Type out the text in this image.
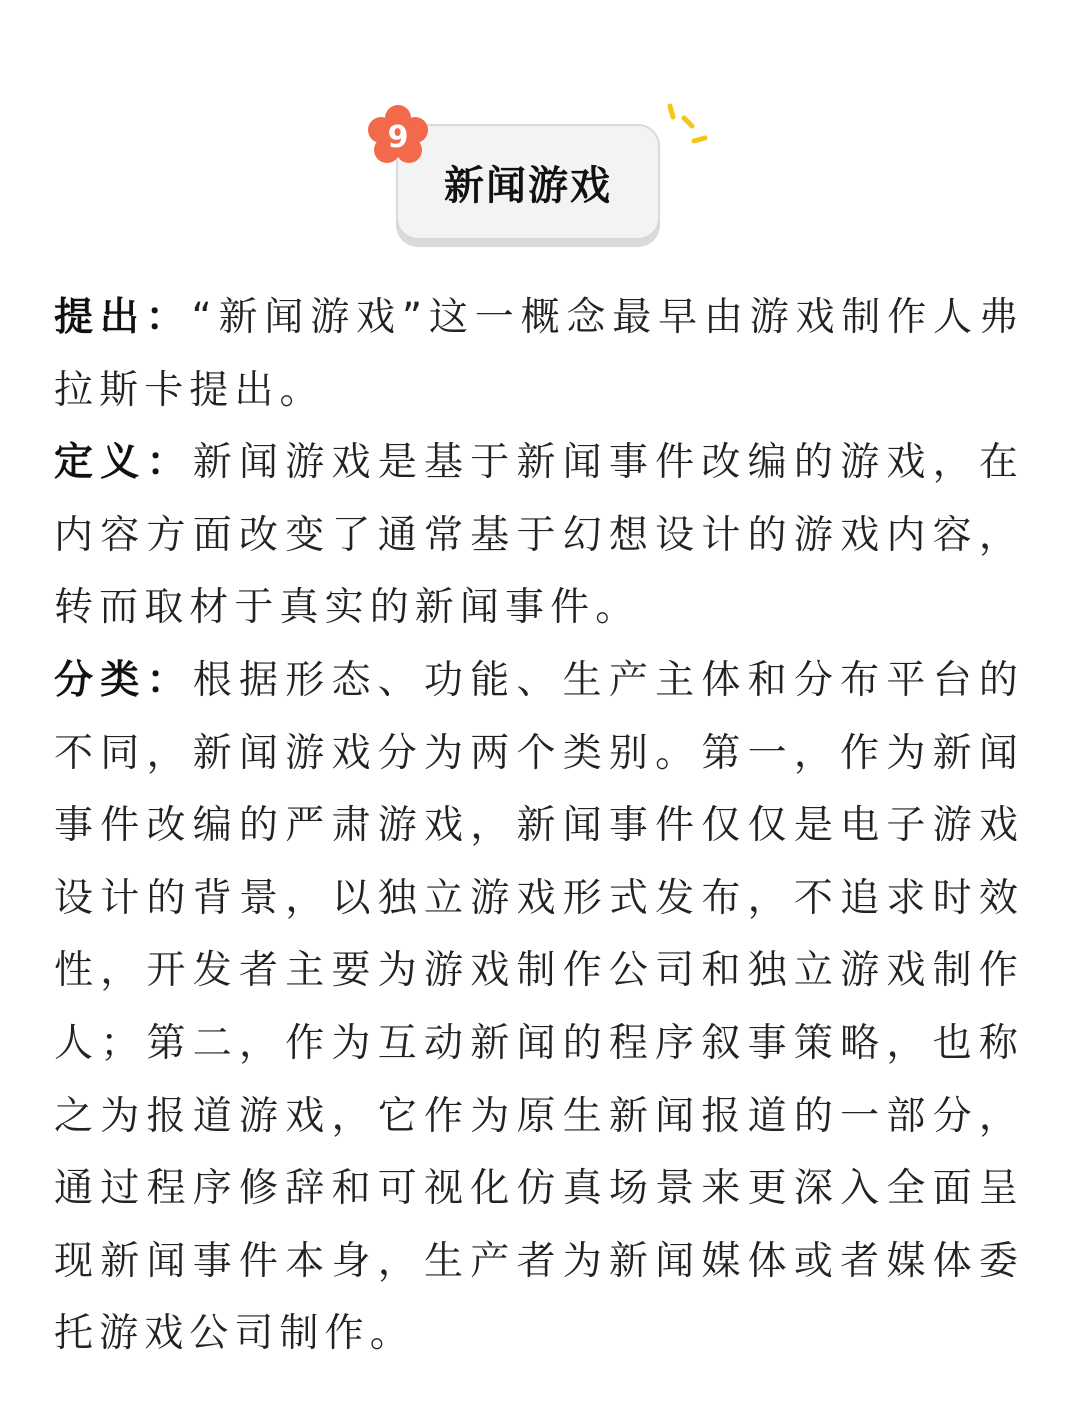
新闻游戏
9

提出：“新闻游戏”这一概念最早由游戏制作人弗拉斯卡提出。

定义：新闻游戏是基于新闻事件改编的游戏，在内容方面改变了通常基于幻想设计的游戏内容，转而取材于真实的新闻事件。

分类：根据形态、功能、生产主体和分布平台的不同，新闻游戏分为两个类别。第一，作为新闻事件改编的严肃游戏，新闻事件仅仅是电子游戏设计的背景，以独立游戏形式发布，不追求时效性，开发者主要为游戏制作公司和独立游戏制作人；第二，作为互动新闻的程序叙事策略，也称之为报道游戏，它作为原生新闻报道的一部分，通过程序修辞和可视化仿真场景来更深入全面呈现新闻事件本身，生产者为新闻媒体或者媒体委托游戏公司制作。
